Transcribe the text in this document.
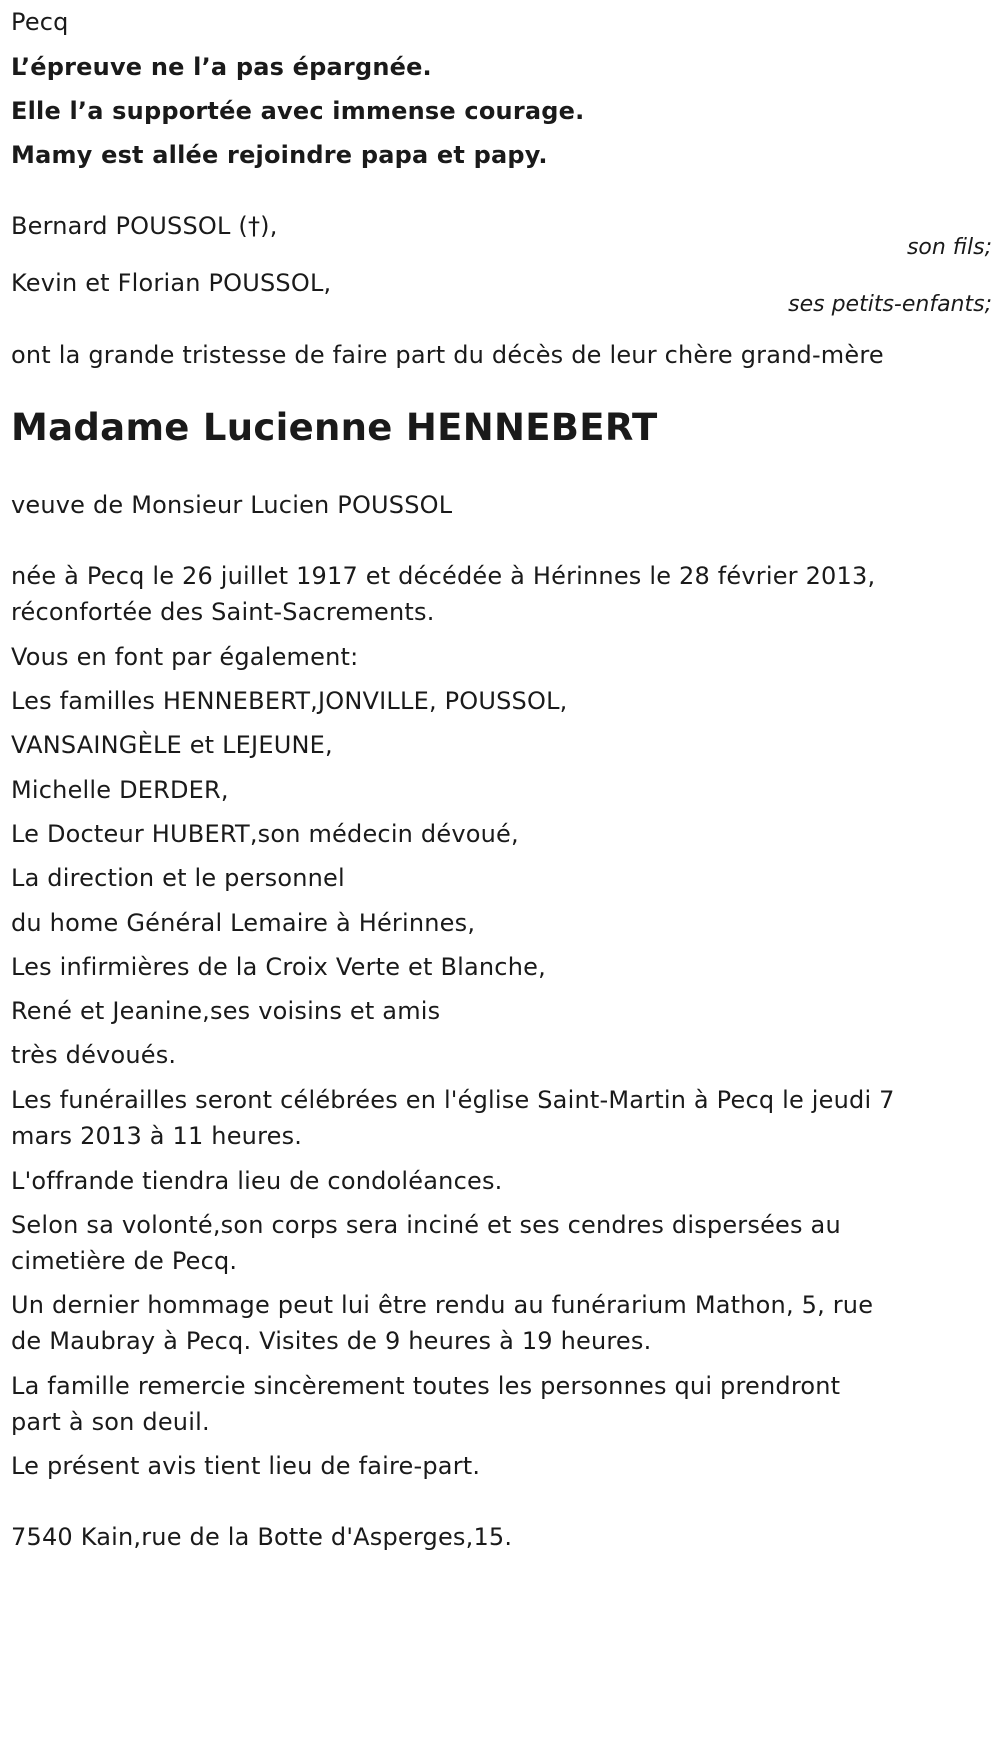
Pecq
L’épreuve ne l’a pas épargnée.
Elle l’a supportée avec immense courage.
Mamy est allée rejoindre papa et papy.
Bernard POUSSOL (†),
son fils;
Kevin et Florian POUSSOL,
ses petits-enfants;
ont la grande tristesse de faire part du décès de leur chère grand-mère
Madame Lucienne HENNEBERT
veuve de Monsieur Lucien POUSSOL
née à Pecq le 26 juillet 1917 et décédée à Hérinnes le 28 février 2013,
réconfortée des Saint-Sacrements.
Vous en font par également:
Les familles HENNEBERT,JONVILLE, POUSSOL,
VANSAINGÈLE et LEJEUNE,
Michelle DERDER,
Le Docteur HUBERT,son médecin dévoué,
La direction et le personnel
du home Général Lemaire à Hérinnes,
Les infirmières de la Croix Verte et Blanche,
René et Jeanine,ses voisins et amis
très dévoués.
Les funérailles seront célébrées en l'église Saint-Martin à Pecq le jeudi 7
mars 2013 à 11 heures.
L'offrande tiendra lieu de condoléances.
Selon sa volonté,son corps sera inciné et ses cendres dispersées au
cimetière de Pecq.
Un dernier hommage peut lui être rendu au funérarium Mathon, 5, rue
de Maubray à Pecq. Visites de 9 heures à 19 heures.
La famille remercie sincèrement toutes les personnes qui prendront
part à son deuil.
Le présent avis tient lieu de faire-part.
7540 Kain,rue de la Botte d'Asperges,15.
